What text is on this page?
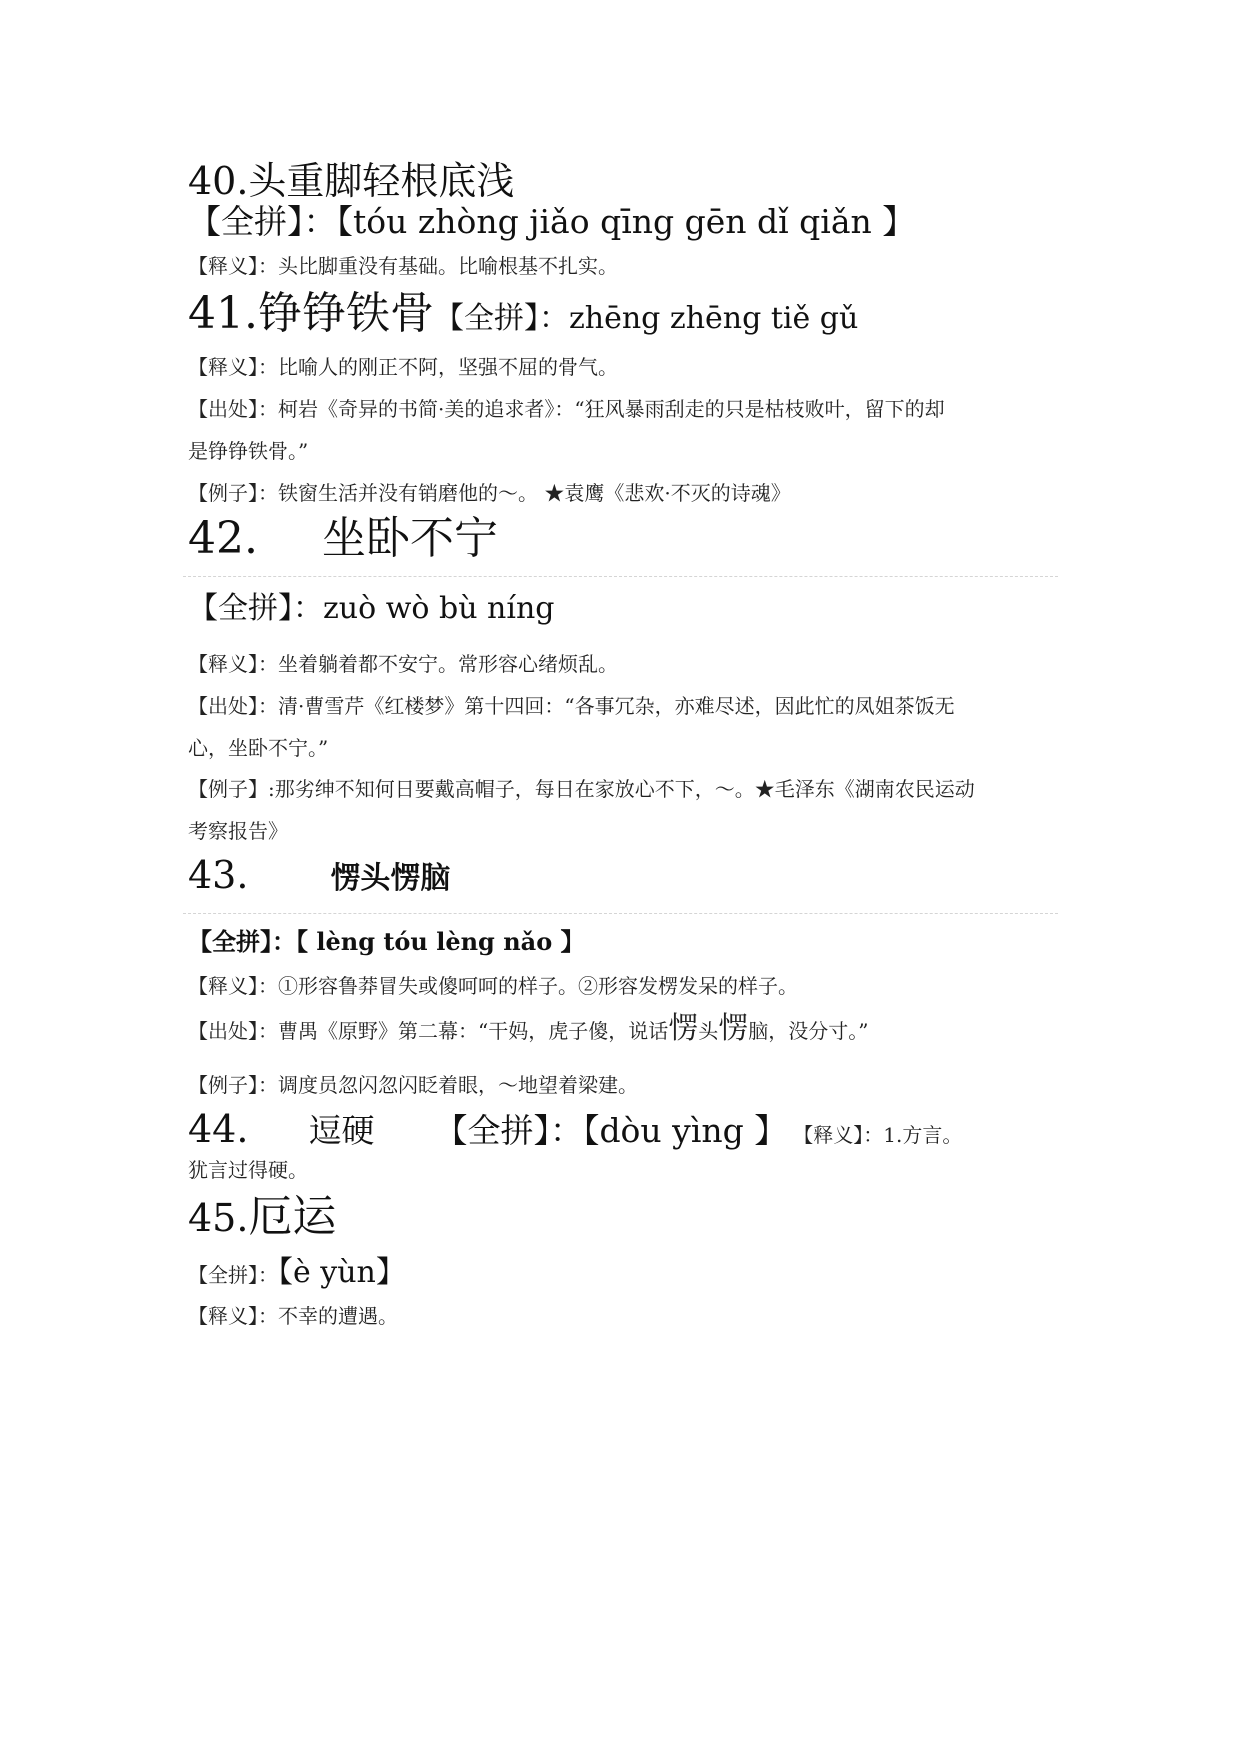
40.头重脚轻根底浅
【全拼】：【tóu zhòng jiǎo qīng gēn dǐ qiǎn 】
【释义】：头比脚重没有基础。比喻根基不扎实。
41.铮铮铁骨【全拼】：zhēng zhēng tiě gǔ
【释义】：比喻人的刚正不阿，坚强不屈的骨气。
【出处】：柯岩《奇异的书简·美的追求者》：“狂风暴雨刮走的只是枯枝败叶，留下的却
是铮铮铁骨。”
【例子】：铁窗生活并没有销磨他的～。 ★袁鹰《悲欢·不灭的诗魂》
42. 坐卧不宁
【全拼】：zuò wò bù níng
【释义】：坐着躺着都不安宁。常形容心绪烦乱。
【出处】：清·曹雪芹《红楼梦》第十四回：“各事冗杂，亦难尽述，因此忙的凤姐茶饭无
心，坐卧不宁。”
【例子】:那劣绅不知何日要戴高帽子，每日在家放心不下，～。★毛泽东《湖南农民运动
考察报告》
43.	愣头愣脑
【全拼】：【 lèng tóu lèng nǎo 】
【释义】：①形容鲁莽冒失或傻呵呵的样子。②形容发楞发呆的样子。
【出处】：曹禺《原野》第二幕：“干妈，虎子傻，说话愣头愣脑，没分寸。”
【例子】：调度员忽闪忽闪眨着眼，～地望着梁建。
44. 逗硬 【全拼】：【dòu yìng 】 【释义】：1.方言。
犹言过得硬。
45.厄运
【全拼】：【è yùn】
【释义】：不幸的遭遇。
